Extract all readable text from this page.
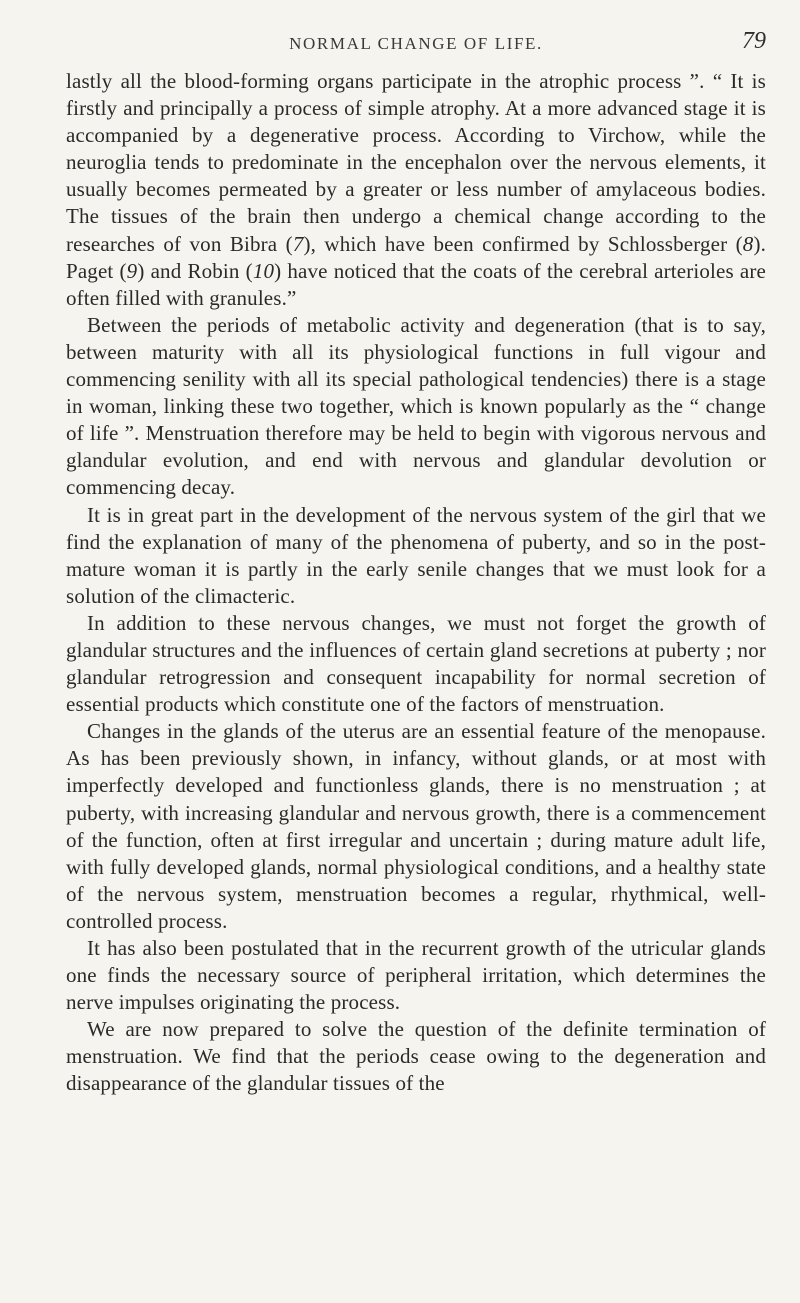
NORMAL CHANGE OF LIFE.	79

lastly all the blood-forming organs participate in the atrophic process ”. “ It is firstly and principally a process of simple atrophy. At a more advanced stage it is accompanied by a degenerative process. According to Virchow, while the neuroglia tends to predominate in the encephalon over the nervous elements, it usually becomes permeated by a greater or less number of amylaceous bodies. The tissues of the brain then undergo a chemical change according to the researches of von Bibra (7), which have been confirmed by Schlossberger (8). Paget (9) and Robin (10) have noticed that the coats of the cerebral arterioles are often filled with granules.”

Between the periods of metabolic activity and degeneration (that is to say, between maturity with all its physiological functions in full vigour and commencing senility with all its special pathological tendencies) there is a stage in woman, linking these two together, which is known popularly as the “ change of life ”. Menstruation therefore may be held to begin with vigorous nervous and glandular evolution, and end with nervous and glandular devolution or commencing decay.

It is in great part in the development of the nervous system of the girl that we find the explanation of many of the phenomena of puberty, and so in the post-mature woman it is partly in the early senile changes that we must look for a solution of the climacteric.

In addition to these nervous changes, we must not forget the growth of glandular structures and the influences of certain gland secretions at puberty ; nor glandular retrogression and consequent incapability for normal secretion of essential products which constitute one of the factors of menstruation.

Changes in the glands of the uterus are an essential feature of the menopause. As has been previously shown, in infancy, without glands, or at most with imperfectly developed and functionless glands, there is no menstruation ; at puberty, with increasing glandular and nervous growth, there is a commencement of the function, often at first irregular and uncertain ; during mature adult life, with fully developed glands, normal physiological conditions, and a healthy state of the nervous system, menstruation becomes a regular, rhythmical, well-controlled process.

It has also been postulated that in the recurrent growth of the utricular glands one finds the necessary source of peripheral irritation, which determines the nerve impulses originating the process.

We are now prepared to solve the question of the definite termination of menstruation. We find that the periods cease owing to the degeneration and disappearance of the glandular tissues of the
